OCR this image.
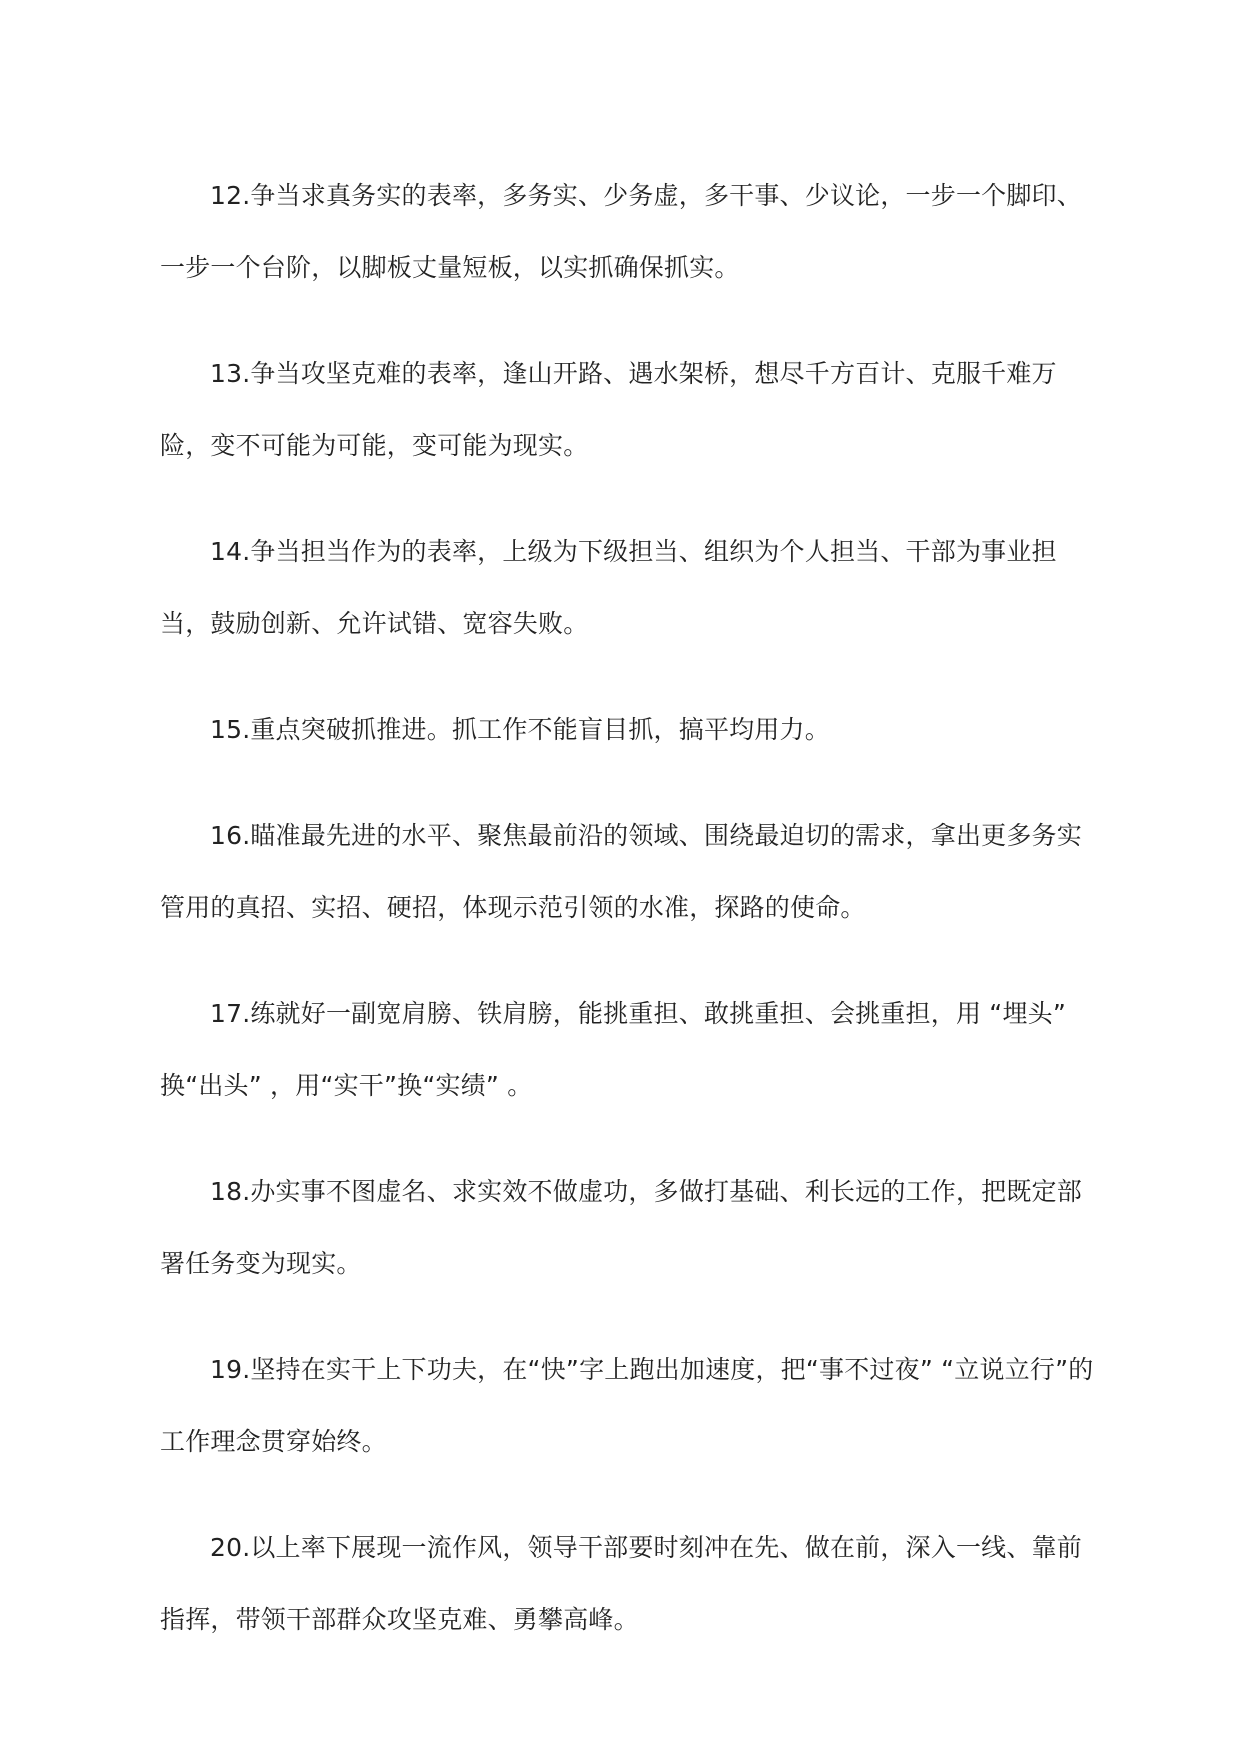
12.争当求真务实的表率，多务实、少务虚，多干事、少议论，一步一个脚印、一步一个台阶，以脚板丈量短板，以实抓确保抓实。

13.争当攻坚克难的表率，逢山开路、遇水架桥，想尽千方百计、克服千难万险，变不可能为可能，变可能为现实。

14.争当担当作为的表率，上级为下级担当、组织为个人担当、干部为事业担当，鼓励创新、允许试错、宽容失败。

15.重点突破抓推进。抓工作不能盲目抓，搞平均用力。

16.瞄准最先进的水平、聚焦最前沿的领域、围绕最迫切的需求，拿出更多务实管用的真招、实招、硬招，体现示范引领的水准，探路的使命。

17.练就好一副宽肩膀、铁肩膀，能挑重担、敢挑重担、会挑重担，用 “埋头” 换“出头” ，用“实干”换“实绩” 。

18.办实事不图虚名、求实效不做虚功，多做打基础、利长远的工作，把既定部署任务变为现实。

19.坚持在实干上下功夫，在“快”字上跑出加速度，把“事不过夜” “立说立行”的工作理念贯穿始终。

20.以上率下展现一流作风，领导干部要时刻冲在先、做在前，深入一线、靠前指挥，带领干部群众攻坚克难、勇攀高峰。
